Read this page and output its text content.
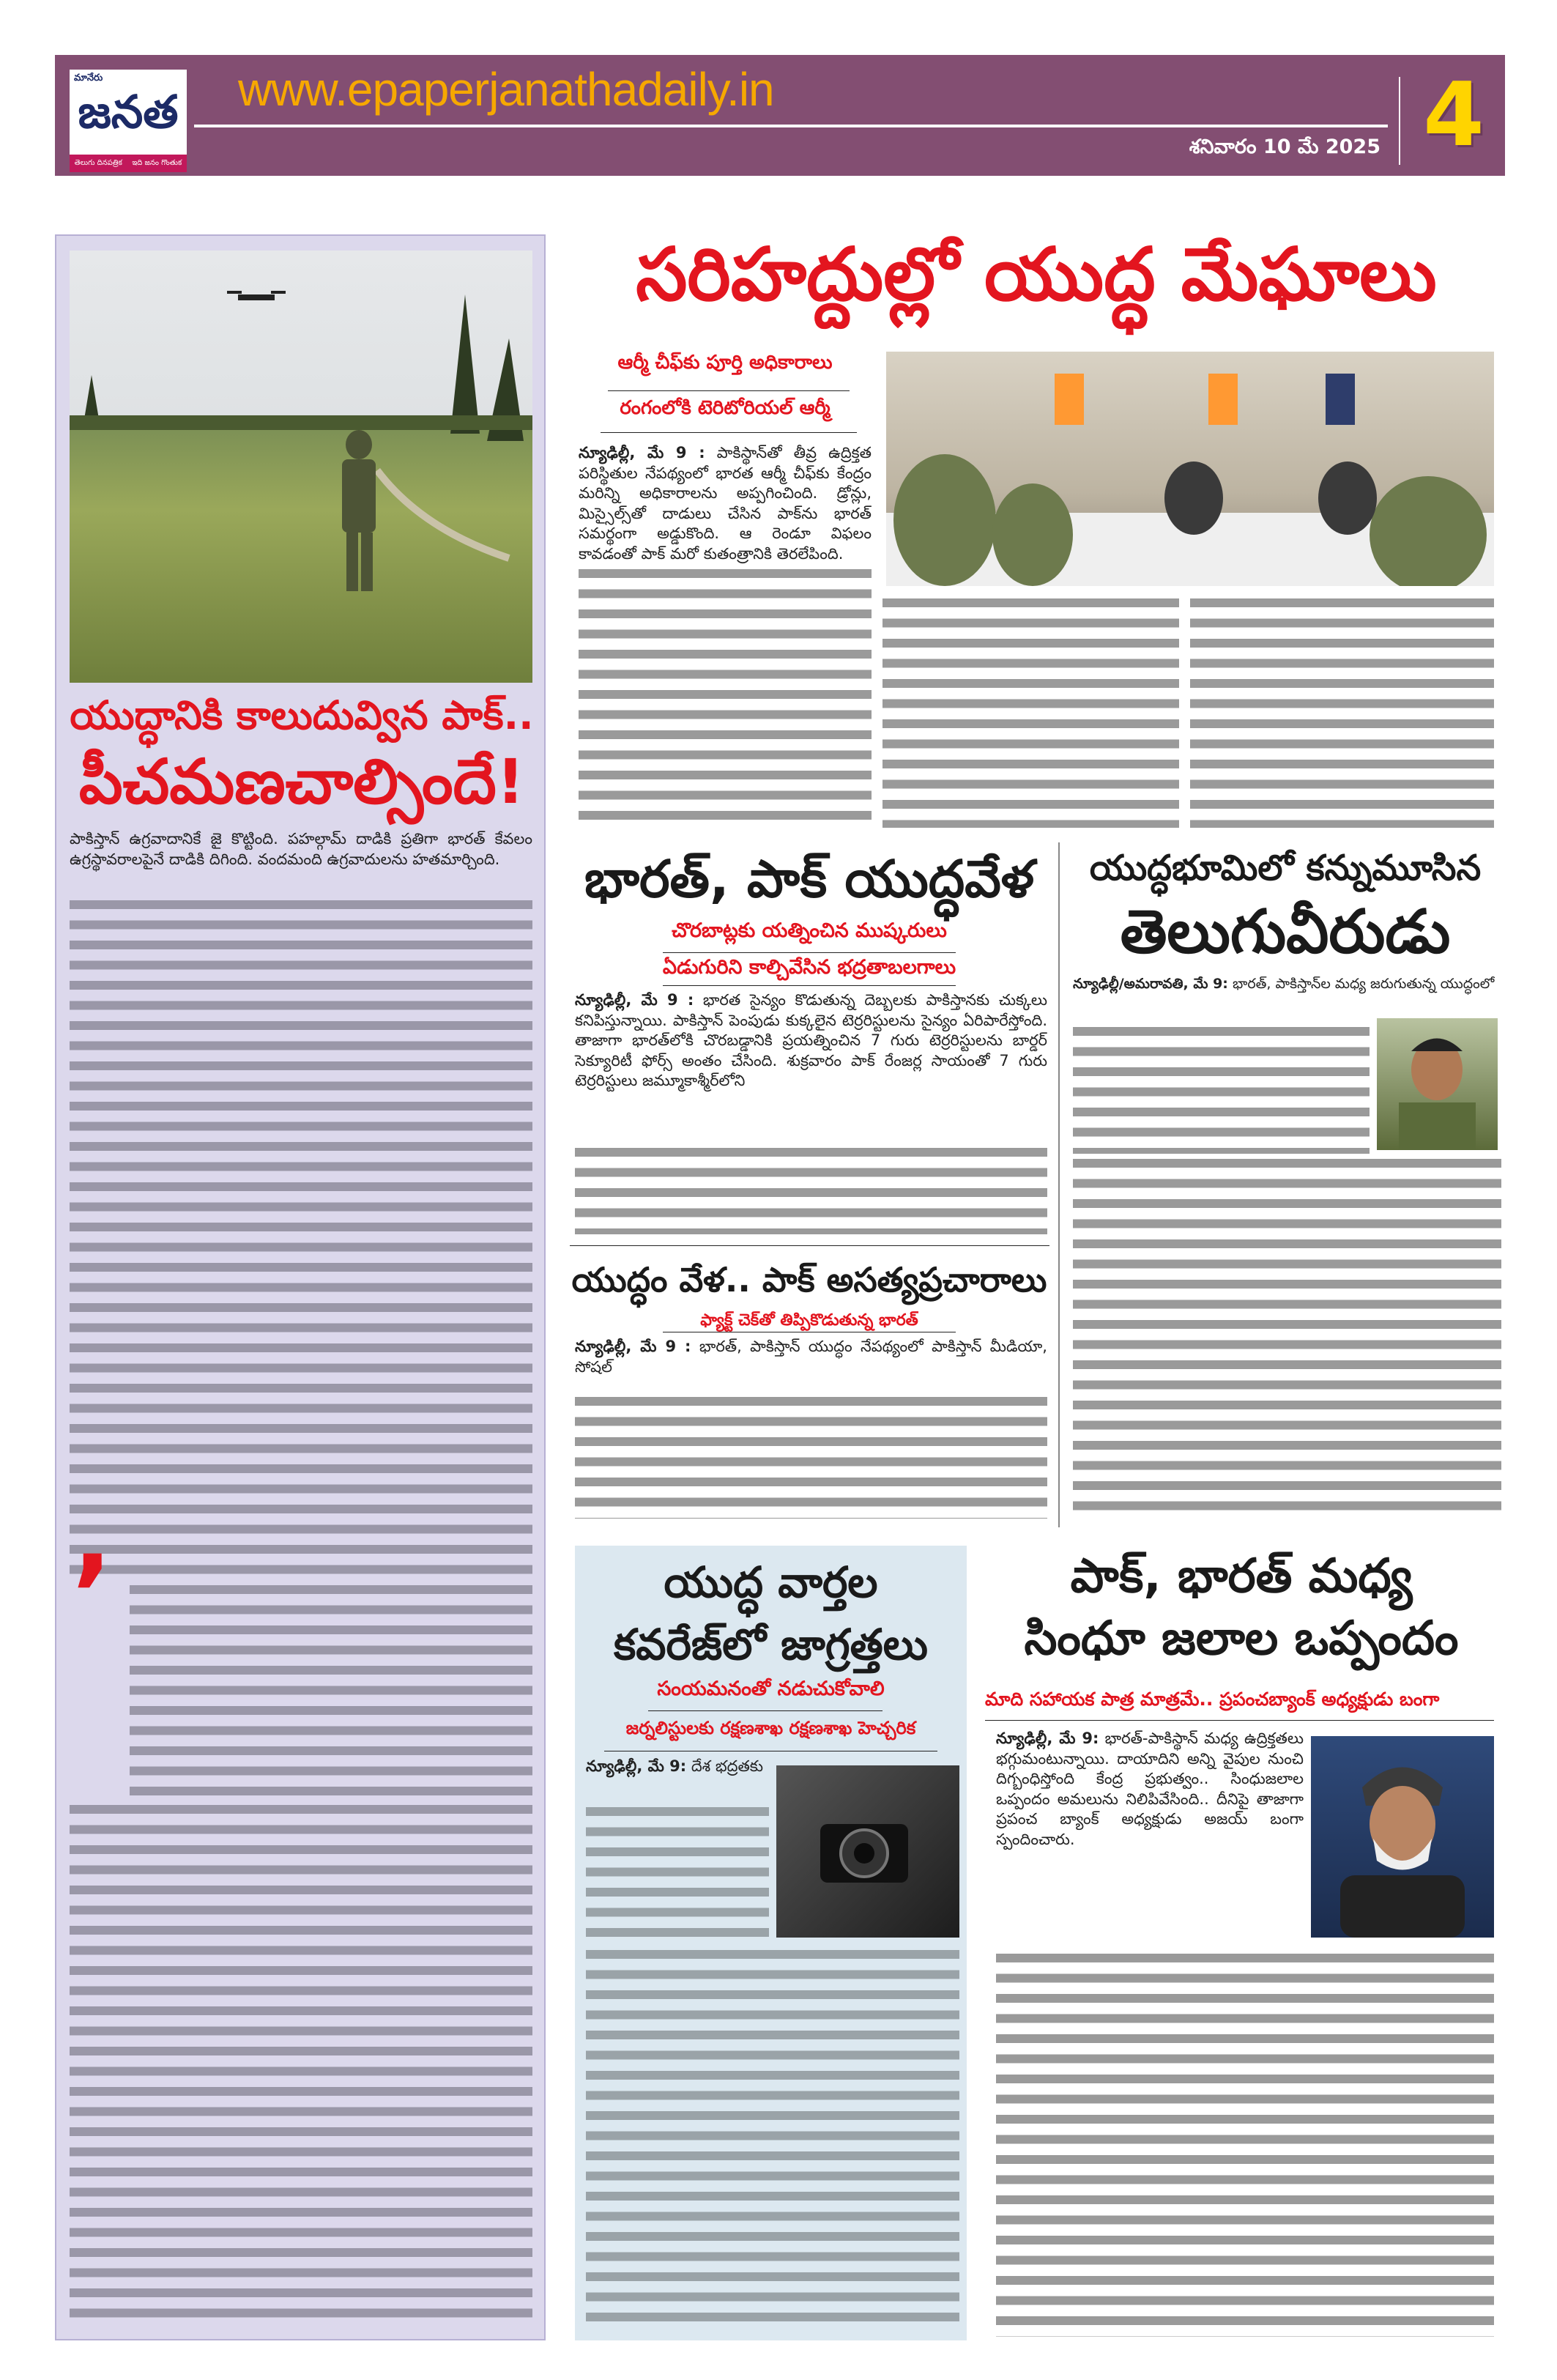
మానేరు
జనత
తెలుగు దినపత్రిక ఇది జనం గొంతుక
www.epaperjanathadaily.in
శనివారం 10 మే 2025 4
యుద్ధానికి కాలుదువ్విన పాక్..
పీచమణచాల్సిందే!
పాకిస్తాన్ ఉగ్రవాదానికే జై కొట్టింది. పహల్గామ్ దాడికి ప్రతిగా భారత్ కేవలం ఉగ్రస్థావరాలపైనే దాడికి దిగింది. వందమంది ఉగ్రవాదులను హతమార్చింది.
’
సరిహద్దుల్లో యుద్ధ మేఘాలు
ఆర్మీ చీఫ్‌కు పూర్తి అధికారాలు
రంగంలోకి టెరిటోరియల్ ఆర్మీ
న్యూఢిల్లీ, మే 9 : పాకిస్థాన్‌తో తీవ్ర ఉద్రిక్తత పరిస్థితుల నేపథ్యంలో భారత ఆర్మీ చీఫ్‌కు కేంద్రం మరిన్ని అధికారాలను అప్పగించింది. డ్రోన్లు, మిస్సైల్స్‌తో దాడులు చేసిన పాక్‌ను భారత్ సమర్థంగా అడ్డుకొంది. ఆ రెండూ విఫలం కావడంతో పాక్ మరో కుతంత్రానికి తెరలేపింది.
భారత్, పాక్ యుద్ధవేళ
చొరబాట్లకు యత్నించిన ముష్కరులు
ఏడుగురిని కాల్చివేసిన భద్రతాబలగాలు
న్యూఢిల్లీ, మే 9 : భారత సైన్యం కొడుతున్న దెబ్బలకు పాకిస్తానకు చుక్కలు కనిపిస్తున్నాయి. పాకిస్తాన్ పెంపుడు కుక్కలైన టెర్రరిస్టులను సైన్యం ఏరిపారేస్తోంది. తాజాగా భారత్‌లోకి చొరబడ్డానికి ప్రయత్నించిన 7 గురు టెర్రరిస్టులను బార్డర్ సెక్యూరిటీ ఫోర్స్ అంతం చేసింది. శుక్రవారం పాక్ రేంజర్ల సాయంతో 7 గురు టెర్రరిస్టులు జమ్మూకాశ్మీర్‌లోని
యుద్ధం వేళ.. పాక్ అసత్యప్రచారాలు
ఫ్యాక్ట్ చెక్‌తో తిప్పికొడుతున్న భారత్
న్యూఢిల్లీ, మే 9 : భారత్, పాకిస్తాన్ యుద్ధం నేపథ్యంలో పాకిస్తాన్ మీడియా, సోషల్
యుద్ధభూమిలో కన్నుమూసిన
తెలుగువీరుడు
న్యూఢిల్లీ/అమరావతి, మే 9: భారత్, పాకిస్తాన్‌ల మధ్య జరుగుతున్న యుద్ధంలో
యుద్ధ వార్తల
కవరేజ్‌లో జాగ్రత్తలు
సంయమనంతో నడుచుకోవాలి
జర్నలిస్టులకు రక్షణశాఖ రక్షణశాఖ హెచ్చరిక
న్యూఢిల్లీ, మే 9: దేశ భద్రతకు
పాక్, భారత్ మధ్య
సింధూ జలాల ఒప్పందం
మాది సహాయక పాత్ర మాత్రమే.. ప్రపంచబ్యాంక్ అధ్యక్షుడు బంగా
న్యూఢిల్లీ, మే 9: భారత్-పాకిస్థాన్ మధ్య ఉద్రిక్తతలు భగ్గుమంటున్నాయి. దాయాదిని అన్ని వైపుల నుంచి దిగ్బంధిస్తోంది కేంద్ర ప్రభుత్వం.. సింధుజలాల ఒప్పందం అమలును నిలిపివేసింది.. దీనిపై తాజాగా ప్రపంచ బ్యాంక్ అధ్యక్షుడు అజయ్ బంగా స్పందించారు.
